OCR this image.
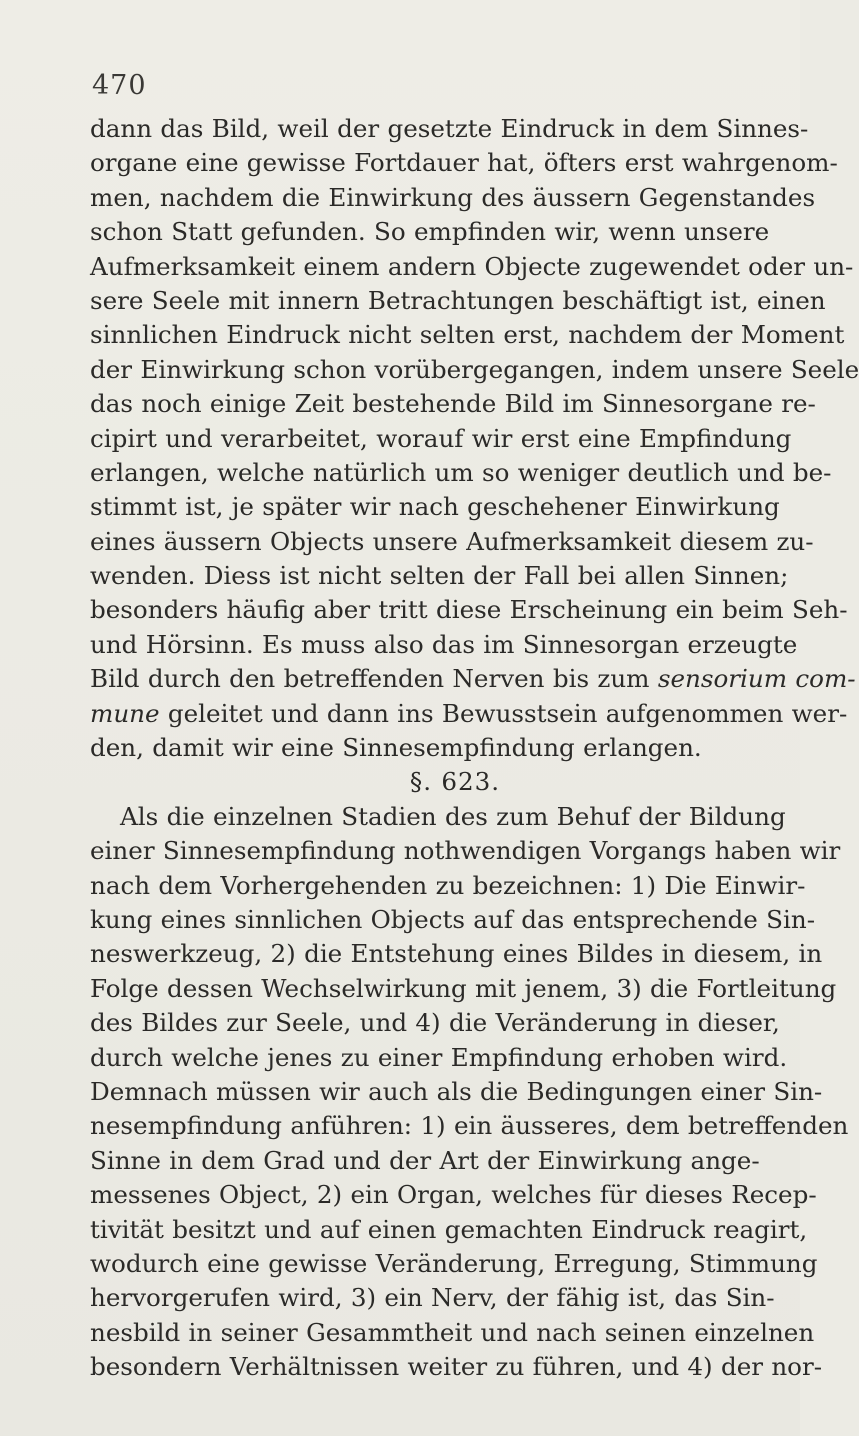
470
dann das Bild, weil der gesetzte Eindruck in dem Sinnes-
organe eine gewisse Fortdauer hat, öfters erst wahrgenom-
men, nachdem die Einwirkung des äussern Gegenstandes
schon Statt gefunden. So empfinden wir, wenn unsere
Aufmerksamkeit einem andern Objecte zugewendet oder un-
sere Seele mit innern Betrachtungen beschäftigt ist, einen
sinnlichen Eindruck nicht selten erst, nachdem der Moment
der Einwirkung schon vorübergegangen, indem unsere Seele
das noch einige Zeit bestehende Bild im Sinnesorgane re-
cipirt und verarbeitet, worauf wir erst eine Empfindung
erlangen, welche natürlich um so weniger deutlich und be-
stimmt ist, je später wir nach geschehener Einwirkung
eines äussern Objects unsere Aufmerksamkeit diesem zu-
wenden. Diess ist nicht selten der Fall bei allen Sinnen;
besonders häufig aber tritt diese Erscheinung ein beim Seh-
und Hörsinn. Es muss also das im Sinnesorgan erzeugte
Bild durch den betreffenden Nerven bis zum sensorium com-
mune geleitet und dann ins Bewusstsein aufgenommen wer-
den, damit wir eine Sinnesempfindung erlangen.
§. 623.
Als die einzelnen Stadien des zum Behuf der Bildung
einer Sinnesempfindung nothwendigen Vorgangs haben wir
nach dem Vorhergehenden zu bezeichnen: 1) Die Einwir-
kung eines sinnlichen Objects auf das entsprechende Sin-
neswerkzeug, 2) die Entstehung eines Bildes in diesem, in
Folge dessen Wechselwirkung mit jenem, 3) die Fortleitung
des Bildes zur Seele, und 4) die Veränderung in dieser,
durch welche jenes zu einer Empfindung erhoben wird.
Demnach müssen wir auch als die Bedingungen einer Sin-
nesempfindung anführen: 1) ein äusseres, dem betreffenden
Sinne in dem Grad und der Art der Einwirkung ange-
messenes Object, 2) ein Organ, welches für dieses Recep-
tivität besitzt und auf einen gemachten Eindruck reagirt,
wodurch eine gewisse Veränderung, Erregung, Stimmung
hervorgerufen wird, 3) ein Nerv, der fähig ist, das Sin-
nesbild in seiner Gesammtheit und nach seinen einzelnen
besondern Verhältnissen weiter zu führen, und 4) der nor-
